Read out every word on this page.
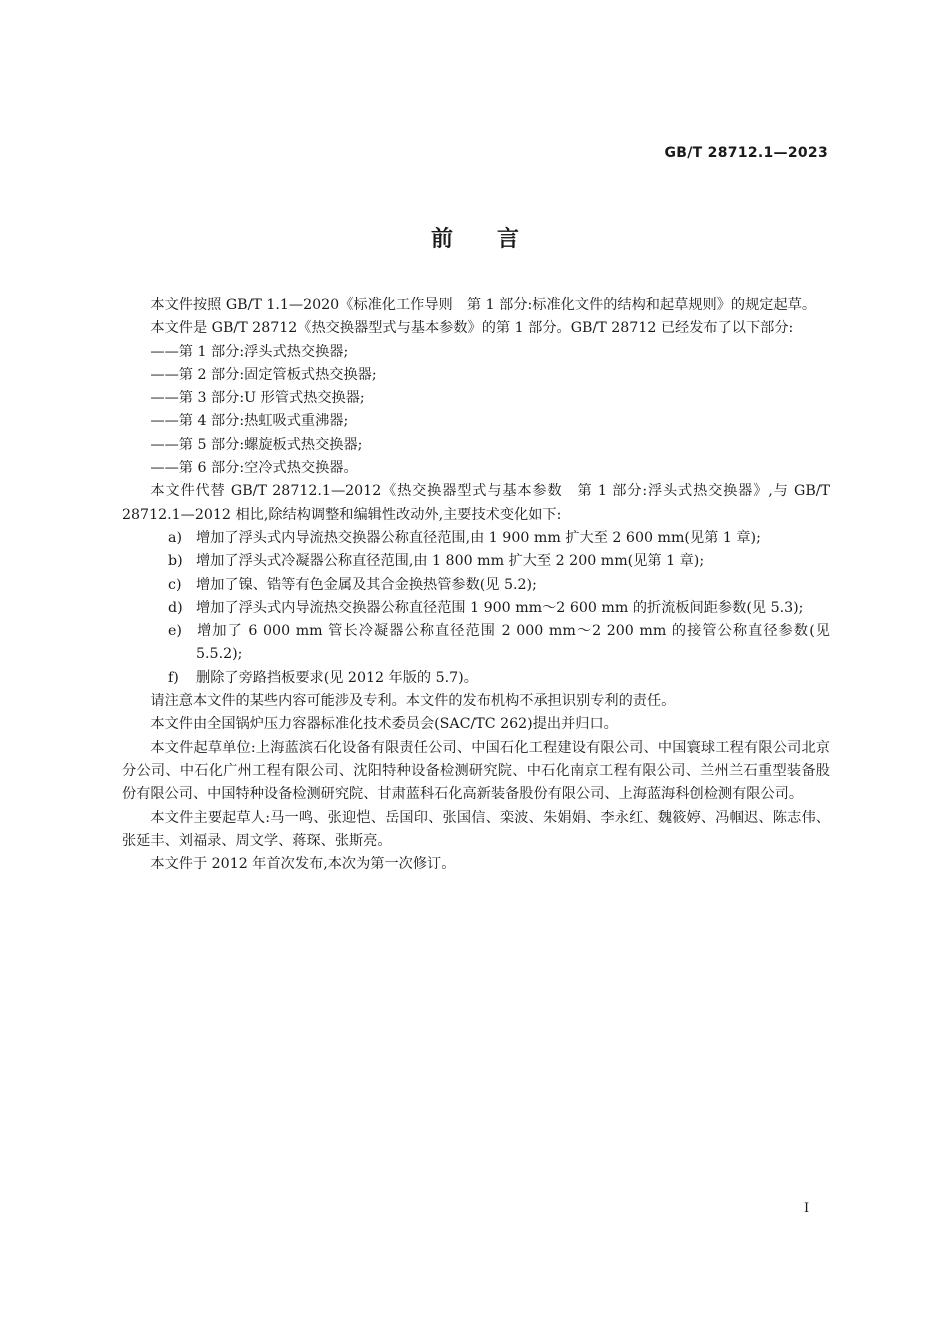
GB/T 28712.1—2023
前言

本文件按照 GB/T 1.1—2020《标准化工作导则　第 1 部分:标准化文件的结构和起草规则》的规定起草。

本文件是 GB/T 28712《热交换器型式与基本参数》的第 1 部分。GB/T 28712 已经发布了以下部分:

——第 1 部分:浮头式热交换器;

——第 2 部分:固定管板式热交换器;

——第 3 部分:U 形管式热交换器;

——第 4 部分:热虹吸式重沸器;

——第 5 部分:螺旋板式热交换器;

——第 6 部分:空冷式热交换器。

本文件代替 GB/T 28712.1—2012《热交换器型式与基本参数　第 1 部分:浮头式热交换器》,与 GB/T 28712.1—2012 相比,除结构调整和编辑性改动外,主要技术变化如下:

a) 增加了浮头式内导流热交换器公称直径范围,由 1 900 mm 扩大至 2 600 mm(见第 1 章);

b) 增加了浮头式冷凝器公称直径范围,由 1 800 mm 扩大至 2 200 mm(见第 1 章);

c) 增加了镍、锆等有色金属及其合金换热管参数(见 5.2);

d) 增加了浮头式内导流热交换器公称直径范围 1 900 mm～2 600 mm 的折流板间距参数(见 5.3);

e) 增加了 6 000 mm 管长冷凝器公称直径范围 2 000 mm～2 200 mm 的接管公称直径参数(见 5.5.2);

f) 删除了旁路挡板要求(见 2012 年版的 5.7)。

请注意本文件的某些内容可能涉及专利。本文件的发布机构不承担识别专利的责任。

本文件由全国锅炉压力容器标准化技术委员会(SAC/TC 262)提出并归口。

本文件起草单位:上海蓝滨石化设备有限责任公司、中国石化工程建设有限公司、中国寰球工程有限公司北京分公司、中石化广州工程有限公司、沈阳特种设备检测研究院、中石化南京工程有限公司、兰州兰石重型装备股份有限公司、中国特种设备检测研究院、甘肃蓝科石化高新装备股份有限公司、上海蓝海科创检测有限公司。

本文件主要起草人:马一鸣、张迎恺、岳国印、张国信、栾波、朱娟娟、李永红、魏筱婷、冯帼迟、陈志伟、张延丰、刘福录、周文学、蒋琛、张斯亮。

本文件于 2012 年首次发布,本次为第一次修订。

I
